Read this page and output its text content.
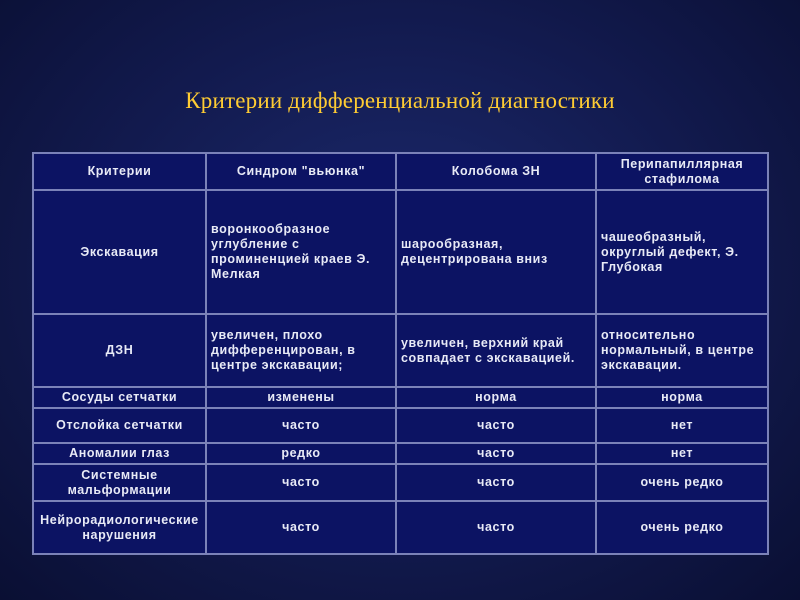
Критерии дифференциальной диагностики
Критерии	Синдром "вьюнка"	Колобома ЗН	Перипапиллярная стафилома
Экскавация	воронкообразное углубление с проминенцией краев Э. Мелкая	шарообразная, децентрирована вниз	чашеобразный, округлый дефект, Э. Глубокая
ДЗН	увеличен, плохо дифференцирован, в центре экскавации;	увеличен, верхний край совпадает с экскавацией.	относительно нормальный, в центре экскавации.
Сосуды сетчатки	изменены	норма	норма
Отслойка сетчатки	часто	часто	нет
Аномалии глаз	редко	часто	нет
Системные мальформации	часто	часто	очень редко
Нейрорадиологические нарушения	часто	часто	очень редко
